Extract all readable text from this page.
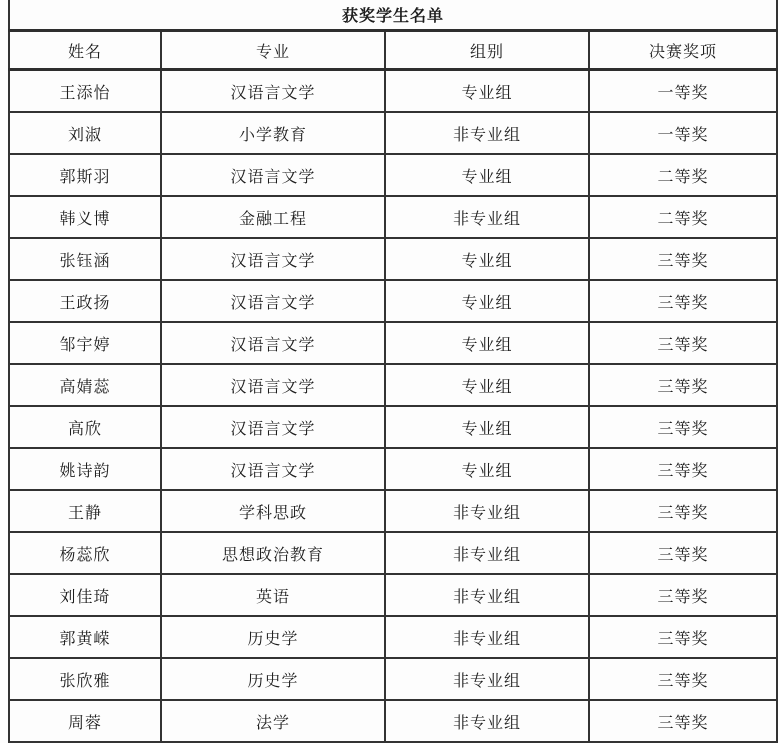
获奖学生名单			
姓名	专业	组别	决赛奖项
王添怡	汉语言文学	专业组	一等奖
刘淑	小学教育	非专业组	一等奖
郭斯羽	汉语言文学	专业组	二等奖
韩义博	金融工程	非专业组	二等奖
张钰涵	汉语言文学	专业组	三等奖
王政扬	汉语言文学	专业组	三等奖
邹宇婷	汉语言文学	专业组	三等奖
高婧蕊	汉语言文学	专业组	三等奖
高欣	汉语言文学	专业组	三等奖
姚诗韵	汉语言文学	专业组	三等奖
王静	学科思政	非专业组	三等奖
杨蕊欣	思想政治教育	非专业组	三等奖
刘佳琦	英语	非专业组	三等奖
郭黄嵘	历史学	非专业组	三等奖
张欣雅	历史学	非专业组	三等奖
周蓉	法学	非专业组	三等奖
